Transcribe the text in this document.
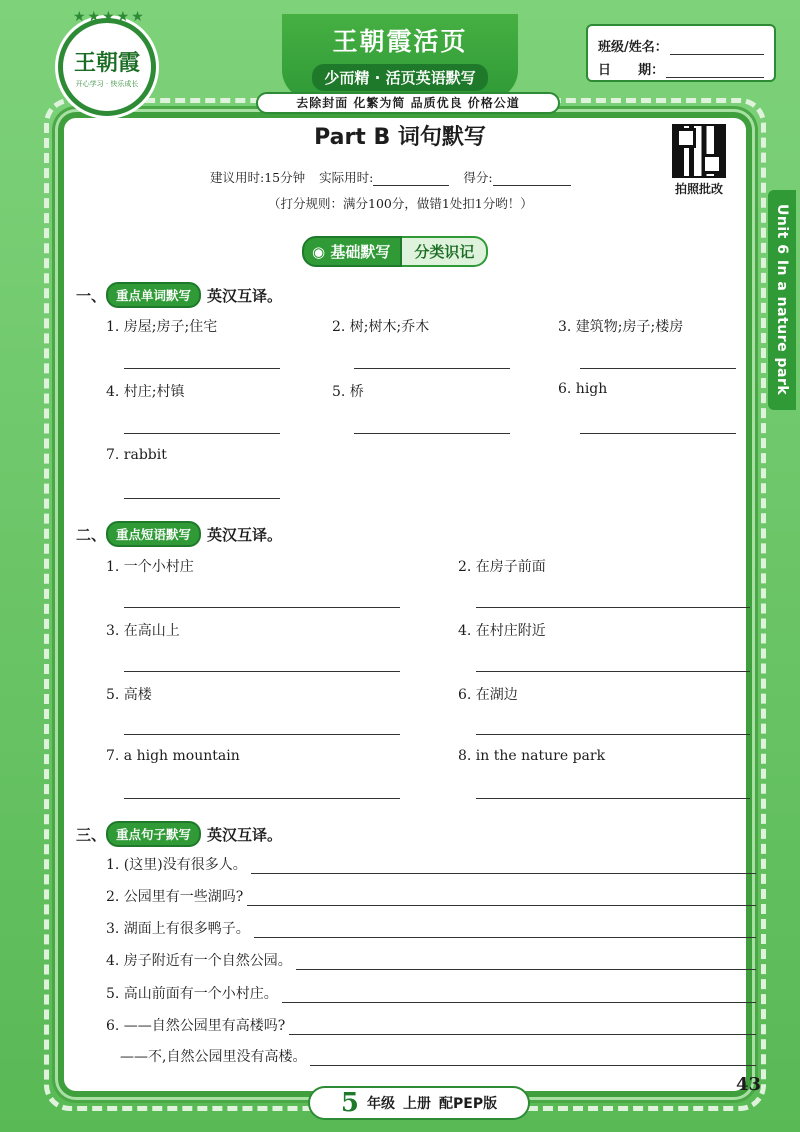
★★★★★
王朝霞
开心学习 · 快乐成长
王朝霞活页
少而精 · 活页英语默写
去除封面 化繁为简 品质优良 价格公道
班级/姓名：
日      期：
Unit 6 In a nature park
Part B 词句默写
拍照批改
建议用时:15分钟 实际用时:	得分:
（打分规则：满分100分，做错1处扣1分哟！）
◉ 基础默写	分类识记
一、 重点单词默写	英汉互译。
1. 房屋;房子;住宅	2. 树;树木;乔木	3. 建筑物;房子;楼房
4. 村庄;村镇	5. 桥	6. high
7. rabbit
二、 重点短语默写	英汉互译。
1. 一个小村庄	2. 在房子前面
3. 在高山上	4. 在村庄附近
5. 高楼	6. 在湖边
7. a high mountain	8. in the nature park
三、 重点句子默写	英汉互译。
1. (这里)没有很多人。
2. 公园里有一些湖吗?
3. 湖面上有很多鸭子。
4. 房子附近有一个自然公园。
5. 高山前面有一个小村庄。
6. ——自然公园里有高楼吗?
——不,自然公园里没有高楼。
5 年级 上册 配PEP版
43
